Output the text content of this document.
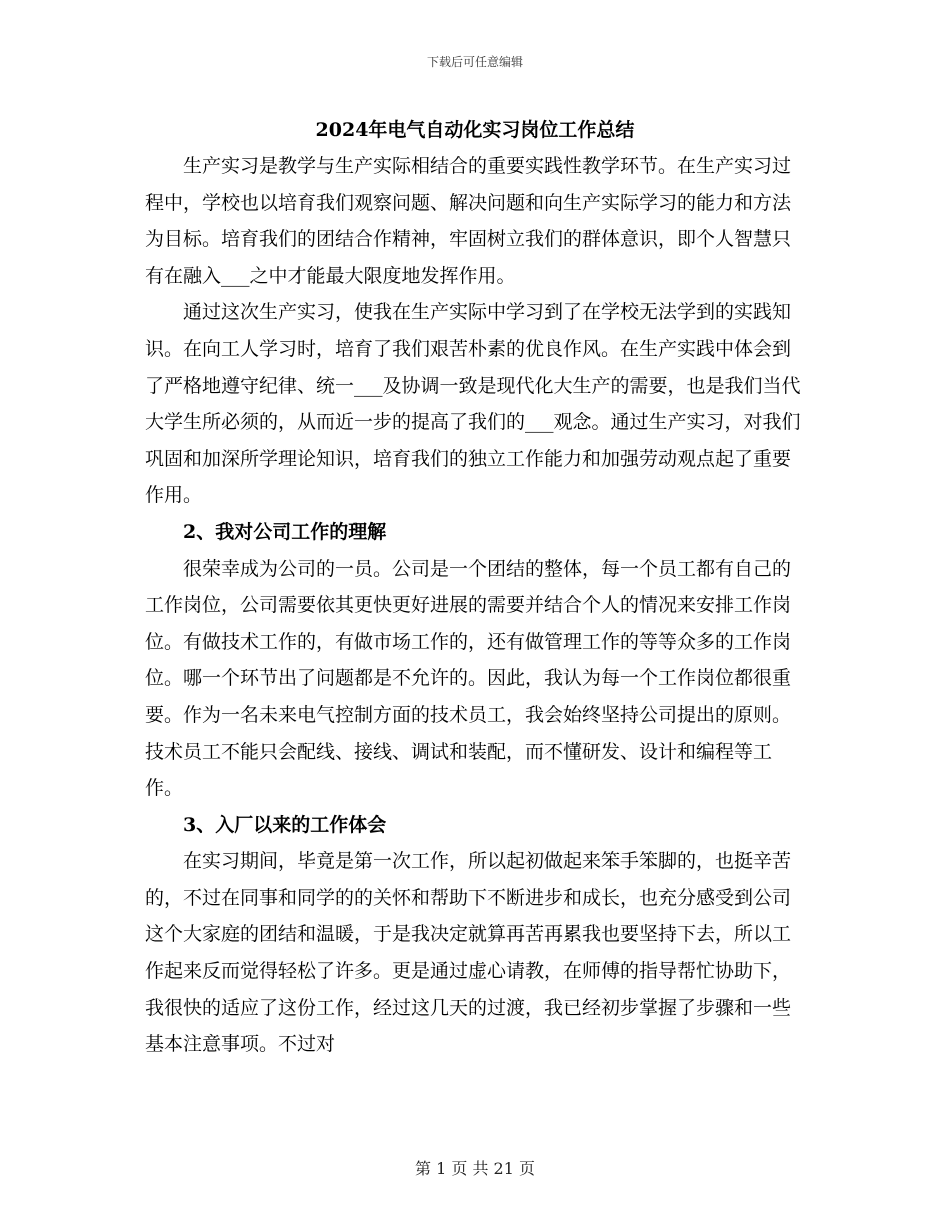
下载后可任意编辑
2024年电气自动化实习岗位工作总结

生产实习是教学与生产实际相结合的重要实践性教学环节。在生产实习过程中，学校也以培育我们观察问题、解决问题和向生产实际学习的能力和方法为目标。培育我们的团结合作精神，牢固树立我们的群体意识，即个人智慧只有在融入___之中才能最大限度地发挥作用。

通过这次生产实习，使我在生产实际中学习到了在学校无法学到的实践知识。在向工人学习时，培育了我们艰苦朴素的优良作风。在生产实践中体会到了严格地遵守纪律、统一___及协调一致是现代化大生产的需要，也是我们当代大学生所必须的，从而近一步的提高了我们的___观念。通过生产实习，对我们巩固和加深所学理论知识，培育我们的独立工作能力和加强劳动观点起了重要作用。

2、我对公司工作的理解

很荣幸成为公司的一员。公司是一个团结的整体，每一个员工都有自己的工作岗位，公司需要依其更快更好进展的需要并结合个人的情况来安排工作岗位。有做技术工作的，有做市场工作的，还有做管理工作的等等众多的工作岗位。哪一个环节出了问题都是不允许的。因此，我认为每一个工作岗位都很重要。作为一名未来电气控制方面的技术员工，我会始终坚持公司提出的原则。技术员工不能只会配线、接线、调试和装配，而不懂研发、设计和编程等工作。

3、入厂以来的工作体会

在实习期间，毕竟是第一次工作，所以起初做起来笨手笨脚的，也挺辛苦的，不过在同事和同学的的关怀和帮助下不断进步和成长，也充分感受到公司这个大家庭的团结和温暖，于是我决定就算再苦再累我也要坚持下去，所以工作起来反而觉得轻松了许多。更是通过虚心请教，在师傅的指导帮忙协助下，我很快的适应了这份工作，经过这几天的过渡，我已经初步掌握了步骤和一些基本注意事项。不过对

第 1 页 共 21 页
